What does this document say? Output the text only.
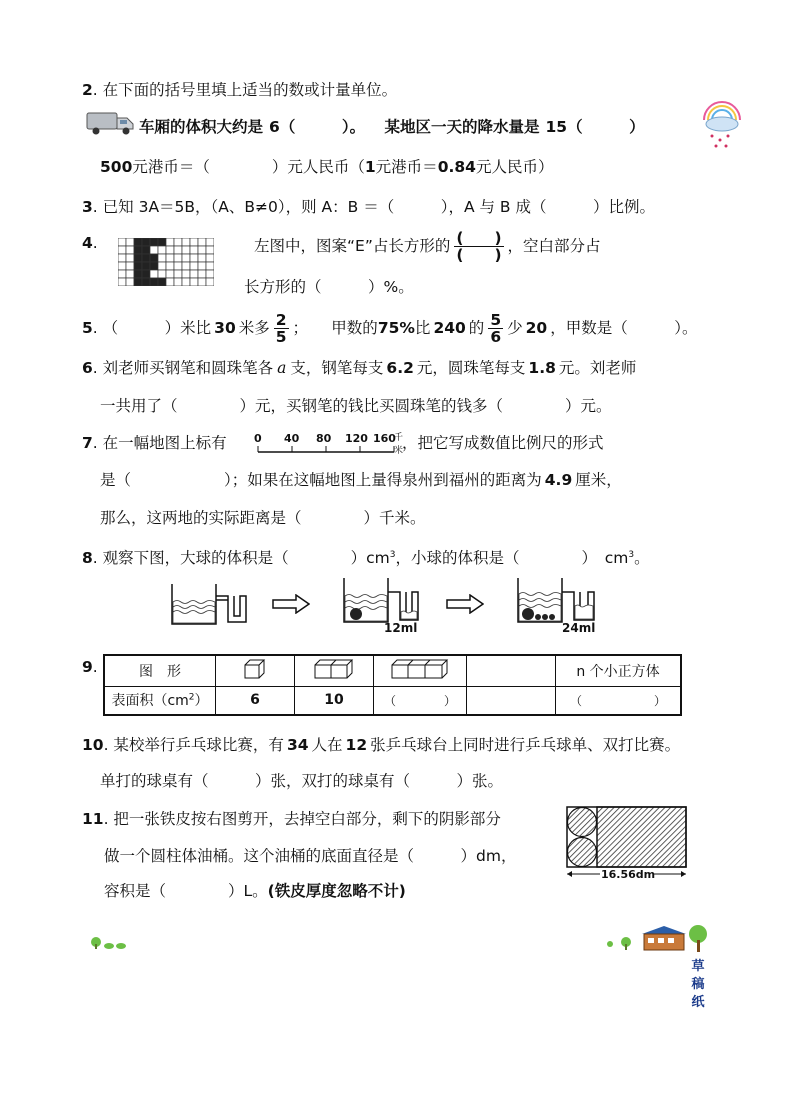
2. 在下面的括号里填上适当的数或计量单位。
车厢的体积大约是 6（　　　）。 某地区一天的降水量是 15（　　　）
500元港币＝（　　　　）元人民币（1元港币＝0.84元人民币）
3. 已知 3A＝5B，（A、B≠0），则 A：B ＝（　　　），A 与 B 成（　　　）比例。
4.	左图中，图案“E”占长方形的 $\frac{( )}{( )}$ ，空白部分占
长方形的（　　　）%。
5. （　　　）米比 30 米多 $\frac{2}{5}$ ；　　甲数的75%比 240 的 $\frac{5}{6}$ 少 20 ，甲数是（　　　）。
6. 刘老师买钢笔和圆珠笔各 a 支，钢笔每支 6.2 元，圆珠笔每支 1.8 元。刘老师
一共用了（　　　　）元，买钢笔的钱比买圆珠笔的钱多（　　　　）元。
7. 在一幅地图上标有 0 40 80 120 160
千米
，把它写成数值比例尺的形式
是（　　　　　　）；如果在这幅地图上量得泉州到福州的距离为 4.9 厘米，
那么，这两地的实际距离是（　　　　）千米。
8. 观察下图，大球的体积是（　　　　）$cm^3$，小球的体积是（　　　　）　$cm^3$。
12ml	24ml
9.	图　形					n 个小正方体
表面积$(cm^2)$	6	10	（　　　　）		（　　　　　　）
10. 某校举行乒乓球比赛，有 34 人在 12 张乒乓球台上同时进行乒乓球单、双打比赛。
单打的球桌有（　　　）张，双打的球桌有（　　　）张。
11. 把一张铁皮按右图剪开，去掉空白部分，剩下的阴影部分
做一个圆柱体油桶。这个油桶的底面直径是（　　　）dm，
容积是（　　　　）L。(铁皮厚度忽略不计)
16.56dm
草稿纸
